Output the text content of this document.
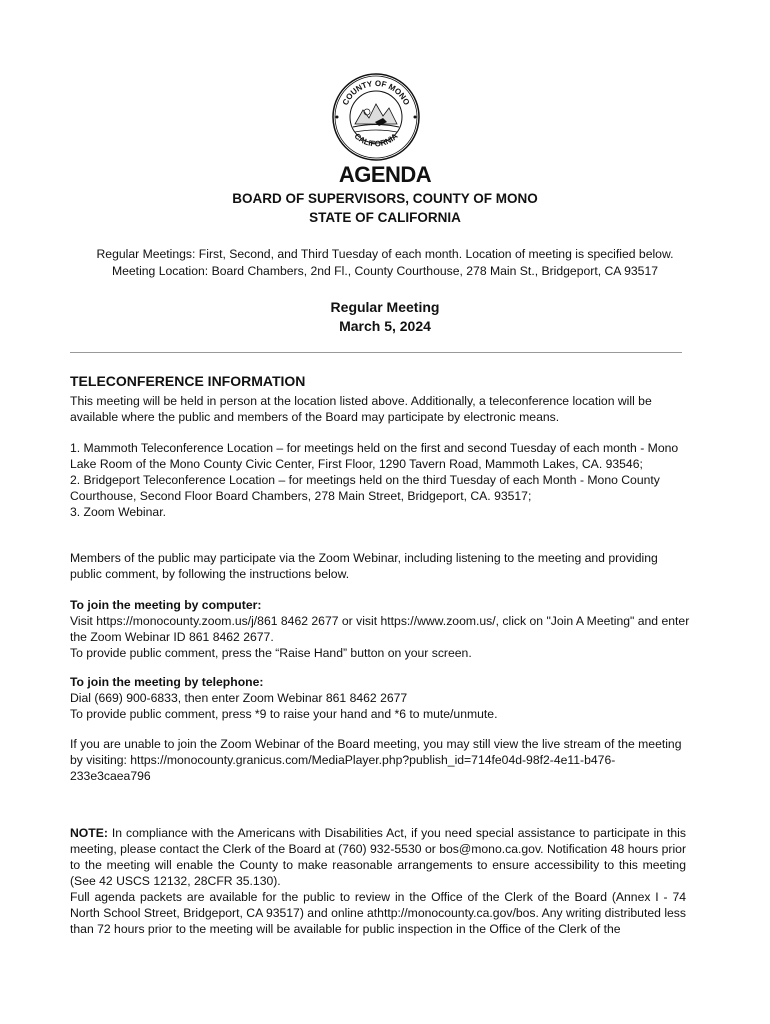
COUNTY OF MONO
CALIFORNIA
AGENDA
BOARD OF SUPERVISORS, COUNTY OF MONO
STATE OF CALIFORNIA
Regular Meetings: First, Second, and Third Tuesday of each month. Location of meeting is specified below.
Meeting Location: Board Chambers, 2nd Fl., County Courthouse, 278 Main St., Bridgeport, CA 93517
Regular Meeting
March 5, 2024
TELECONFERENCE INFORMATION

This meeting will be held in person at the location listed above. Additionally, a teleconference location will be available where the public and members of the Board may participate by electronic means.

1. Mammoth Teleconference Location – for meetings held on the first and second Tuesday of each month - Mono Lake Room of the Mono County Civic Center, First Floor, 1290 Tavern Road, Mammoth Lakes, CA. 93546;

2. Bridgeport Teleconference Location – for meetings held on the third Tuesday of each Month - Mono County Courthouse, Second Floor Board Chambers, 278 Main Street, Bridgeport, CA. 93517;

3. Zoom Webinar.

Members of the public may participate via the Zoom Webinar, including listening to the meeting and providing public comment, by following the instructions below.

To join the meeting by computer:

Visit https://monocounty.zoom.us/j/861 8462 2677 or visit https://www.zoom.us/, click on "Join A Meeting" and enter the Zoom Webinar ID 861 8462 2677.

To provide public comment, press the “Raise Hand” button on your screen.

To join the meeting by telephone:

Dial (669) 900-6833, then enter Zoom Webinar 861 8462 2677

To provide public comment, press *9 to raise your hand and *6 to mute/unmute.

If you are unable to join the Zoom Webinar of the Board meeting, you may still view the live stream of the meeting by visiting: https://monocounty.granicus.com/MediaPlayer.php?publish_id=714fe04d-98f2-4e11-b476-233e3caea796

NOTE: In compliance with the Americans with Disabilities Act, if you need special assistance to participate in this meeting, please contact the Clerk of the Board at (760) 932-5530 or bos@mono.ca.gov. Notification 48 hours prior to the meeting will enable the County to make reasonable arrangements to ensure accessibility to this meeting (See 42 USCS 12132, 28CFR 35.130).

Full agenda packets are available for the public to review in the Office of the Clerk of the Board (Annex I - 74 North School Street, Bridgeport, CA 93517) and online athttp://monocounty.ca.gov/bos. Any writing distributed less than 72 hours prior to the meeting will be available for public inspection in the Office of the Clerk of the
